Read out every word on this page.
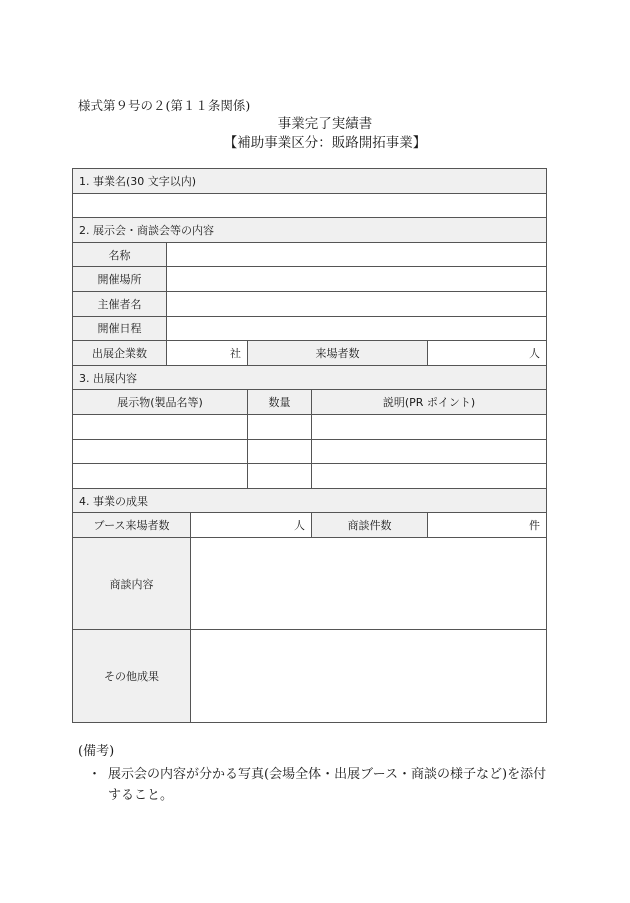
様式第９号の２(第１１条関係)
事業完了実績書
【補助事業区分：販路開拓事業】
1. 事業名(30 文字以内)					

2. 展示会・商談会等の内容					
名称					
開催場所					
主催者名					
開催日程					
出展企業数	社		来場者数		人
3. 出展内容					
展示物(製品名等)			数量	説明(PR ポイント)	

4. 事業の成果					
ブース来場者数		人		商談件数	件
商談内容					
その他成果					
(備考)
・ 展示会の内容が分かる写真(会場全体・出展ブース・商談の様子など)を添付すること。
